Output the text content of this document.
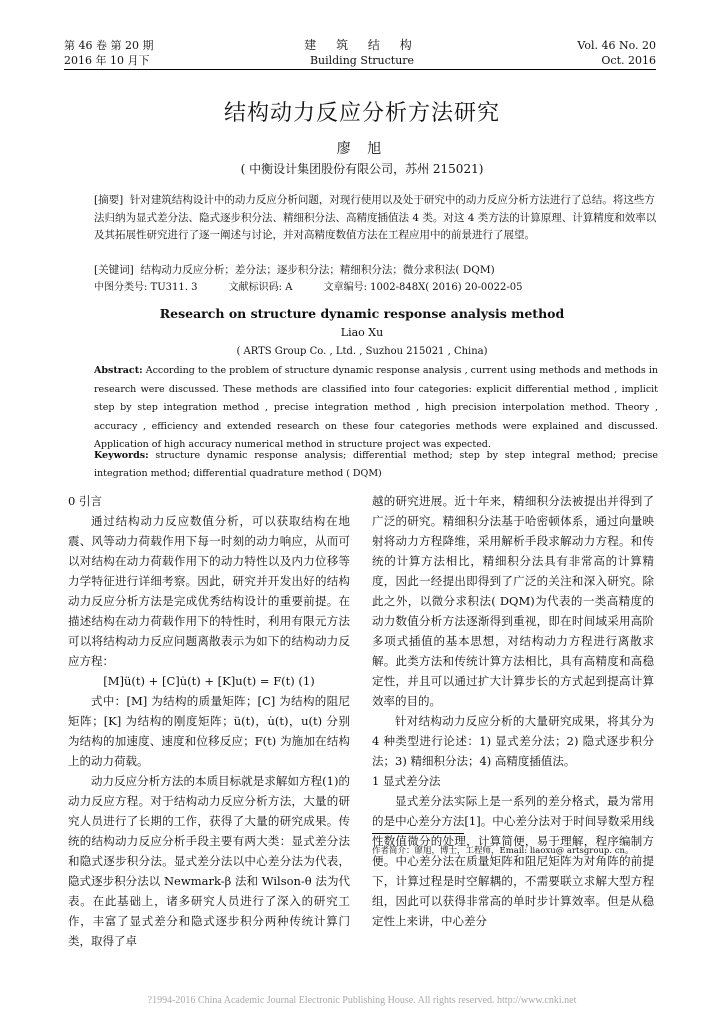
第 46 卷 第 20 期
2016 年 10 月下
建 筑 结 构
Building Structure
Vol. 46 No. 20
Oct. 2016
结构动力反应分析方法研究
廖 旭
( 中衡设计集团股份有限公司，苏州 215021)
[摘要] 针对建筑结构设计中的动力反应分析问题，对现行使用以及处于研究中的动力反应分析方法进行了总结。将这些方法归纳为显式差分法、隐式逐步积分法、精细积分法、高精度插值法 4 类。对这 4 类方法的计算原理、计算精度和效率以及其拓展性研究进行了逐一阐述与讨论，并对高精度数值方法在工程应用中的前景进行了展望。
[关键词] 结构动力反应分析；差分法；逐步积分法；精细积分法；微分求积法( DQM)
中图分类号: TU311. 3	文献标识码: A	文章编号: 1002-848X( 2016) 20-0022-05
Research on structure dynamic response analysis method
Liao Xu
( ARTS Group Co. , Ltd. , Suzhou 215021 , China)
Abstract: According to the problem of structure dynamic response analysis , current using methods and methods in research were discussed. These methods are classified into four categories: explicit differential method , implicit step by step integration method , precise integration method , high precision interpolation method. Theory , accuracy , efficiency and extended research on these four categories methods were explained and discussed. Application of high accuracy numerical method in structure project was expected.
Keywords: structure dynamic response analysis; differential method; step by step integral method; precise integration method; differential quadrature method ( DQM)

0 引言

通过结构动力反应数值分析，可以获取结构在地震、风等动力荷载作用下每一时刻的动力响应，从而可以对结构在动力荷载作用下的动力特性以及内力位移等力学特征进行详细考察。因此，研究并开发出好的结构动力反应分析方法是完成优秀结构设计的重要前提。在描述结构在动力荷载作用下的特性时，利用有限元方法可以将结构动力反应问题离散表示为如下的结构动力反应方程：

[M]ü(t) + [C]u̇(t) + [K]u(t) = F(t) (1)

式中：[M] 为结构的质量矩阵；[C] 为结构的阻尼矩阵；[K] 为结构的刚度矩阵；ü(t)，u̇(t)，u(t) 分别为结构的加速度、速度和位移反应；F(t) 为施加在结构上的动力荷载。

动力反应分析方法的本质目标就是求解如方程(1)的动力反应方程。对于结构动力反应分析方法，大量的研究人员进行了长期的工作，获得了大量的研究成果。传统的结构动力反应分析手段主要有两大类：显式差分法和隐式逐步积分法。显式差分法以中心差分法为代表，隐式逐步积分法以 Newmark-β 法和 Wilson-θ 法为代表。在此基础上，诸多研究人员进行了深入的研究工作，丰富了显式差分和隐式逐步积分两种传统计算门类，取得了卓

越的研究进展。近十年来，精细积分法被提出并得到了广泛的研究。精细积分法基于哈密顿体系，通过向量映射将动力方程降维，采用解析手段求解动力方程。和传统的计算方法相比，精细积分法具有非常高的计算精度，因此一经提出即得到了广泛的关注和深入研究。除此之外，以微分求积法( DQM)为代表的一类高精度的动力数值分析方法逐渐得到重视，即在时间域采用高阶多项式插值的基本思想，对结构动力方程进行离散求解。此类方法和传统计算方法相比，具有高精度和高稳定性，并且可以通过扩大计算步长的方式起到提高计算效率的目的。

针对结构动力反应分析的大量研究成果，将其分为 4 种类型进行论述：1) 显式差分法；2) 隐式逐步积分法；3) 精细积分法；4) 高精度插值法。

1 显式差分法

显式差分法实际上是一系列的差分格式，最为常用的是中心差分方法[1]。中心差分法对于时间导数采用线性数值微分的处理，计算简便，易于理解，程序编制方便。中心差分法在质量矩阵和阻尼矩阵为对角阵的前提下，计算过程是时空解耦的，不需要联立求解大型方程组，因此可以获得非常高的单时步计算效率。但是从稳定性上来讲，中心差分

作者简介：廖旭，博士，工程师，Email: liaoxu@ artsgroup. cn。
?1994-2016 China Academic Journal Electronic Publishing House. All rights reserved. http://www.cnki.net
